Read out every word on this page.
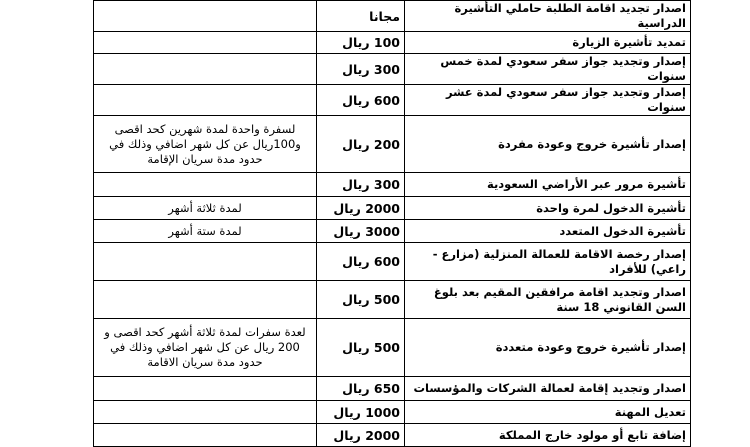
اصدار تجديد اقامة الطلبة حاملي التأشيرة الدراسية	مجانا	
تمديد تأشيرة الزيارة	100 ريال	
إصدار وتجديد جواز سفر سعودي لمدة خمس سنوات	300 ريال	
إصدار وتجديد جواز سفر سعودي لمدة عشر سنوات	600 ريال	
إصدار تأشيرة خروج وعودة مفردة	200 ريال	لسفرة واحدة لمدة شهرين كحد اقصى و100ريال عن كل شهر اضافي وذلك في حدود مدة سريان الإقامة
تأشيرة مرور عبر الأراضي السعودية	300 ريال	
تأشيرة الدخول لمرة واحدة	2000 ريال	لمدة ثلاثة أشهر
تأشيرة الدخول المتعدد	3000 ريال	لمدة ستة أشهر
إصدار رخصة الاقامة للعمالة المنزلية (مزارع - راعي) للأفراد	600 ريال	
اصدار وتجديد اقامة مرافقين المقيم بعد بلوغ السن القانوني 18 سنة	500 ريال	
إصدار تأشيرة خروج وعودة متعددة	500 ريال	لعدة سفرات لمدة ثلاثة أشهر كحد اقصى و 200 ريال عن كل شهر اضافي وذلك في حدود مدة سريان الاقامة
اصدار وتجديد إقامة لعمالة الشركات والمؤسسات	650 ريال	
تعديل المهنة	1000 ريال	
إضافة تابع أو مولود خارج المملكة	2000 ريال	
